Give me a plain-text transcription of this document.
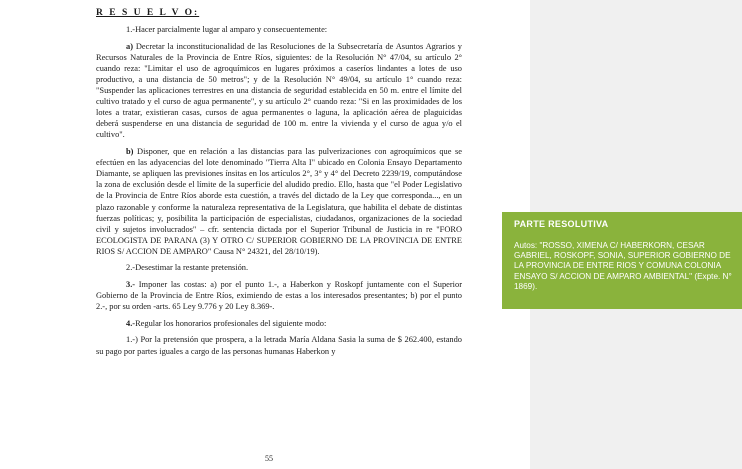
R E S U E L V O:

1.-Hacer parcialmente lugar al amparo y consecuentemente:

a) Decretar la inconstitucionalidad de las Resoluciones de la Subsecretaría de Asuntos Agrarios y Recursos Naturales de la Provincia de Entre Ríos, siguientes: de la Resolución N° 47/04, su artículo 2° cuando reza: "Limitar el uso de agroquímicos en lugares próximos a caseríos lindantes a lotes de uso productivo, a una distancia de 50 metros"; y de la Resolución N° 49/04, su artículo 1° cuando reza: "Suspender las aplicaciones terrestres en una distancia de seguridad establecida en 50 m. entre el límite del cultivo tratado y el curso de agua permanente", y su artículo 2° cuando reza: "Si en las proximidades de los lotes a tratar, existieran casas, cursos de agua permanentes o laguna, la aplicación aérea de plaguicidas deberá suspenderse en una distancia de seguridad de 100 m. entre la vivienda y el curso de agua y/o el cultivo".

b) Disponer, que en relación a las distancias para las pulverizaciones con agroquímicos que se efectúen en las adyacencias del lote denominado "Tierra Alta I" ubicado en Colonia Ensayo Departamento Diamante, se apliquen las previsiones ínsitas en los artículos 2°, 3° y 4° del Decreto 2239/19, computándose la zona de exclusión desde el límite de la superficie del aludido predio. Ello, hasta que "el Poder Legislativo de la Provincia de Entre Ríos aborde esta cuestión, a través del dictado de la Ley que corresponda..., en un plazo razonable y conforme la naturaleza representativa de la Legislatura, que habilita el debate de distintas fuerzas políticas; y, posibilita la participación de especialistas, ciudadanos, organizaciones de la sociedad civil y sujetos involucrados" – cfr. sentencia dictada por el Superior Tribunal de Justicia in re "FORO ECOLOGISTA DE PARANA (3) Y OTRO C/ SUPERIOR GOBIERNO DE LA PROVINCIA DE ENTRE RIOS S/ ACCION DE AMPARO" Causa N° 24321, del 28/10/19).

2.-Desestimar la restante pretensión.

3.- Imponer las costas: a) por el punto 1.-, a Haberkon y Roskopf juntamente con el Superior Gobierno de la Provincia de Entre Ríos, eximiendo de estas a los interesados presentantes; b) por el punto 2.-, por su orden -arts. 65 Ley 9.776 y 20 Ley 8.369-.

4.-Regular los honorarios profesionales del siguiente modo:

1.-) Por la pretensión que prospera, a la letrada María Aldana Sasia la suma de $ 262.400, estando su pago por partes iguales a cargo de las personas humanas Haberkon y

55
PARTE RESOLUTIVA
Autos: "ROSSO, XIMENA C/ HABERKORN, CESAR GABRIEL, ROSKOPF, SONIA, SUPERIOR GOBIERNO DE LA PROVINCIA DE ENTRE RIOS Y COMUNA COLONIA ENSAYO S/ ACCION DE AMPARO AMBIENTAL" (Expte. N° 1869).
